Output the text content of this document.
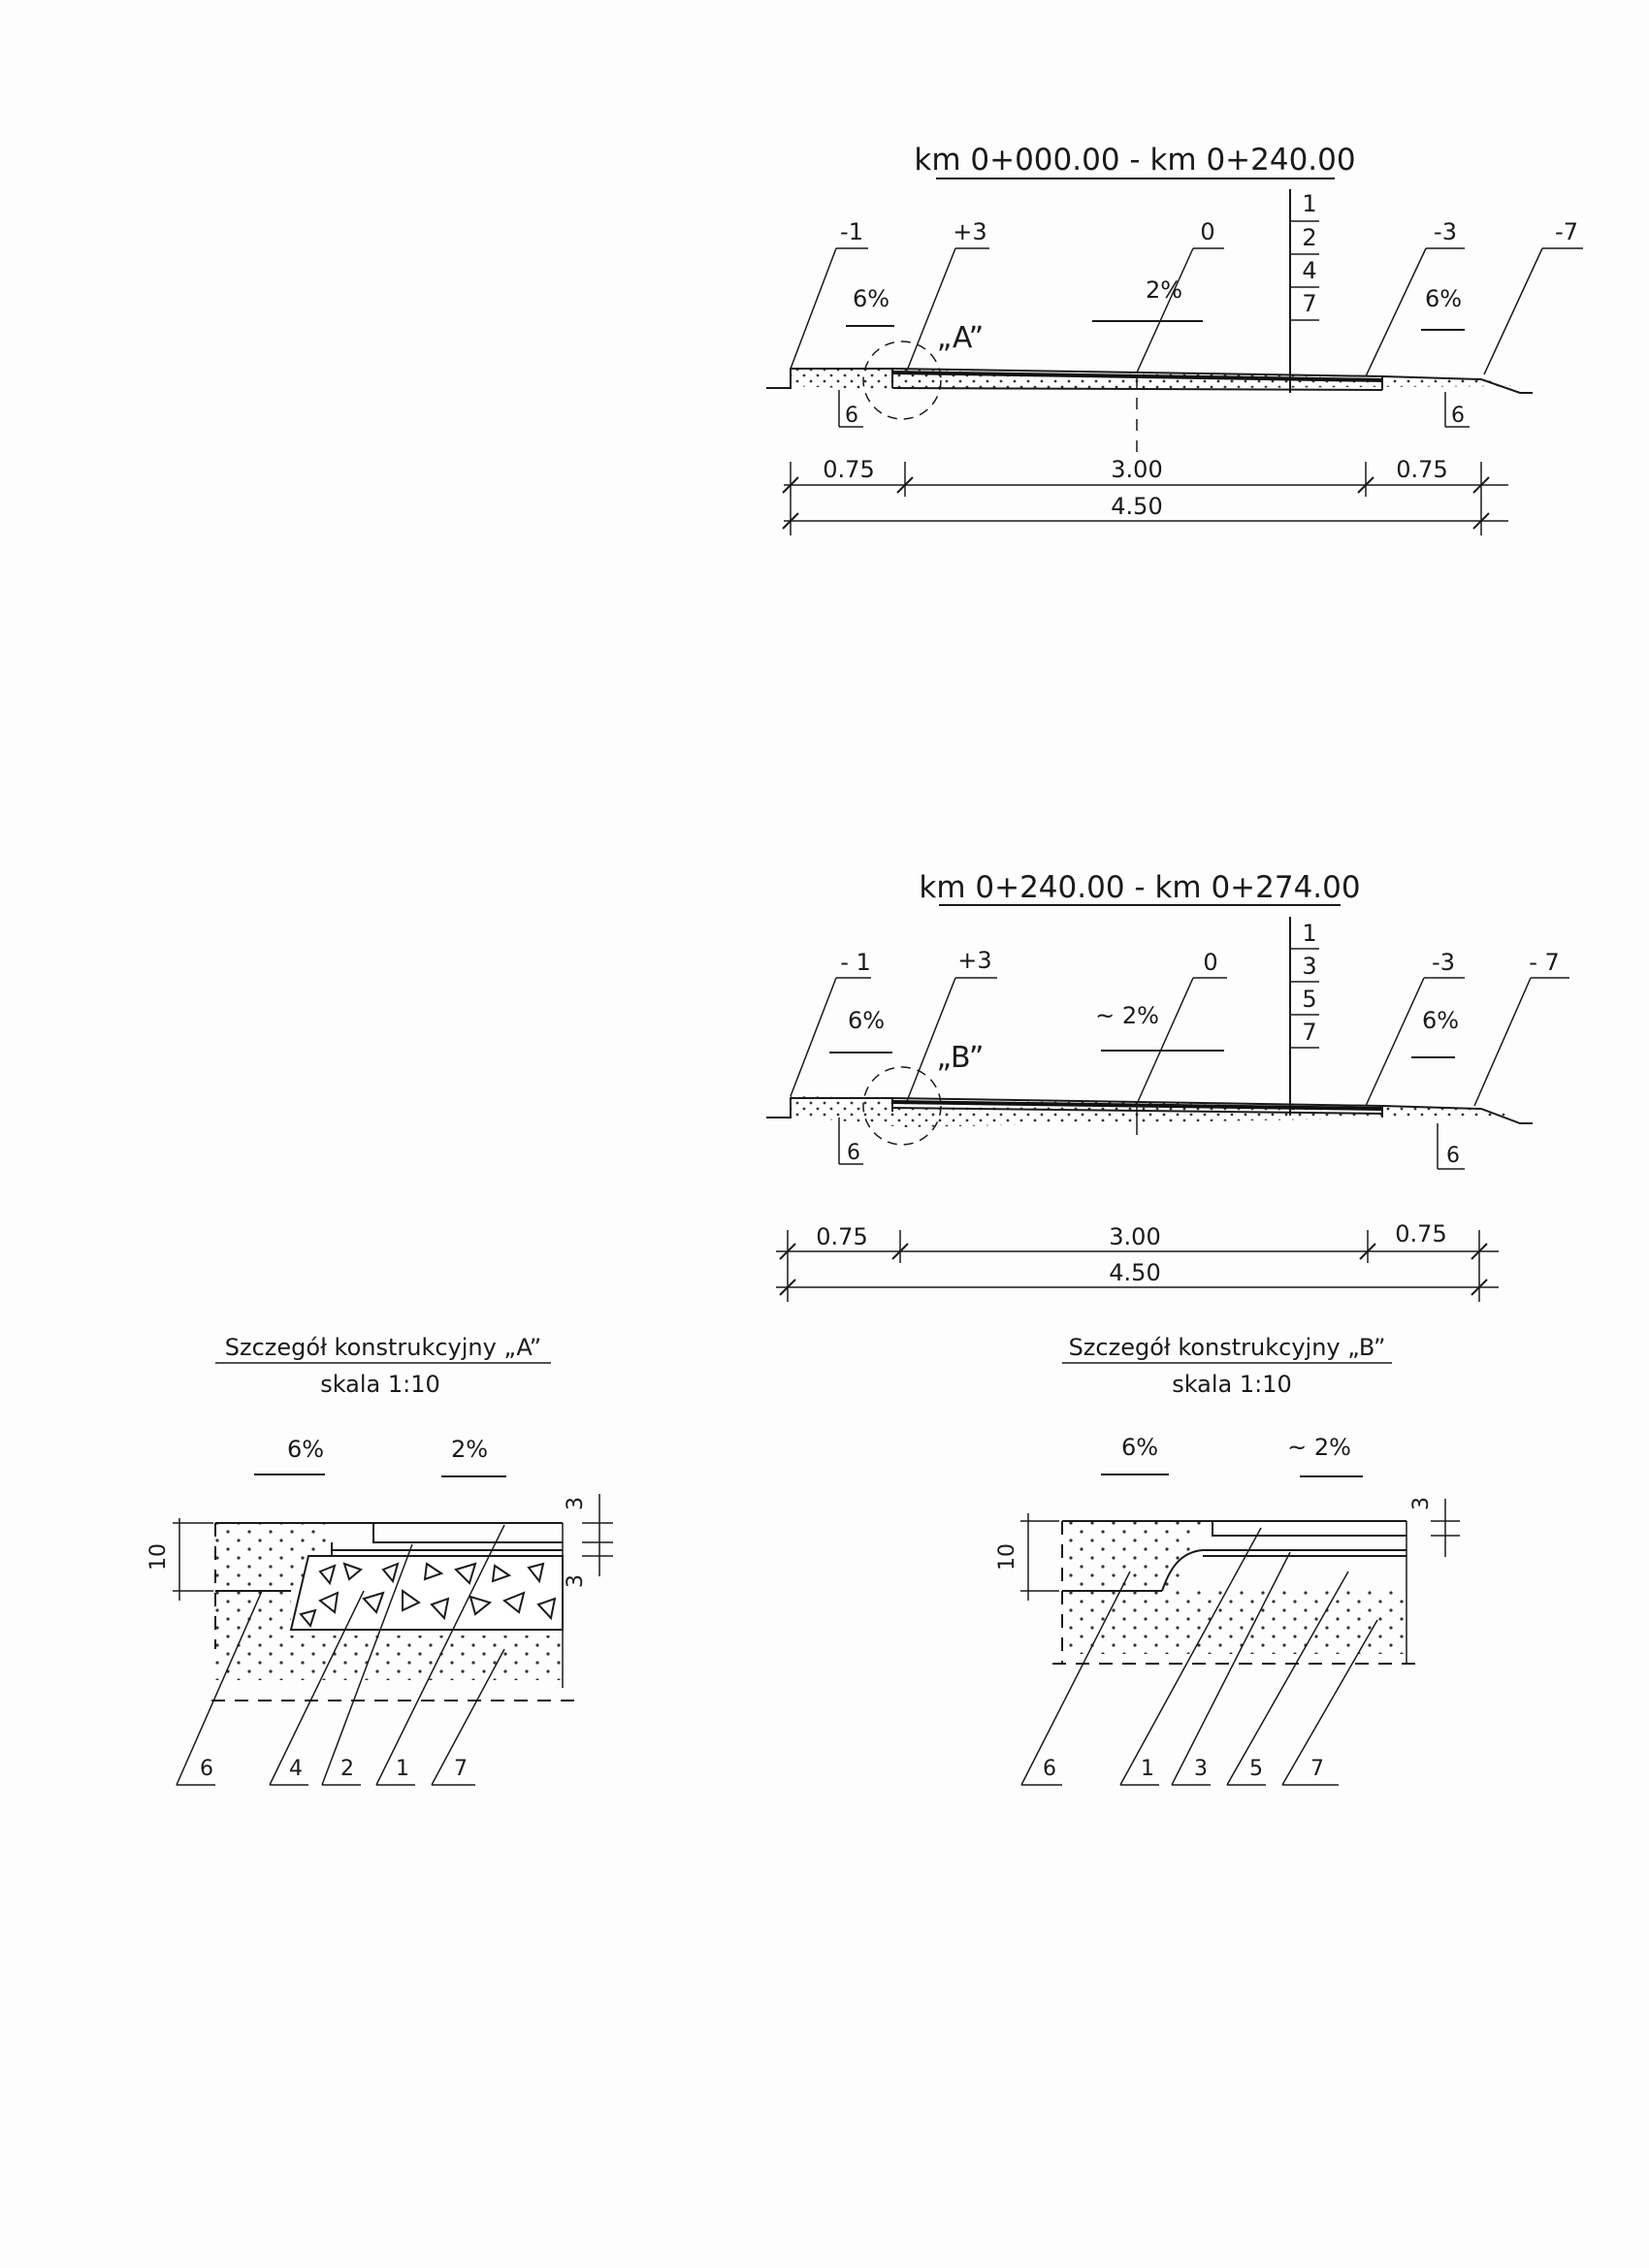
km 0+000.00 - km 0+240.00
1
2
4
7
-1	+3	0	-3	-7
6%	2%	6%
„A”
6	6
0.75	3.00	0.75
4.50
km 0+240.00 - km 0+274.00
1
3
5
7
- 1	+3	0	-3	- 7
6%	~ 2%	6%
„B”
6	6
0.75	3.00	0.75
4.50
Szczegół konstrukcyjny „A”
skala 1:10
6%	2%
10
3
3
6	4 2 1 7
Szczegół konstrukcyjny „B”
skala 1:10
6%	~ 2%
10
3
6	1 3 5 7
